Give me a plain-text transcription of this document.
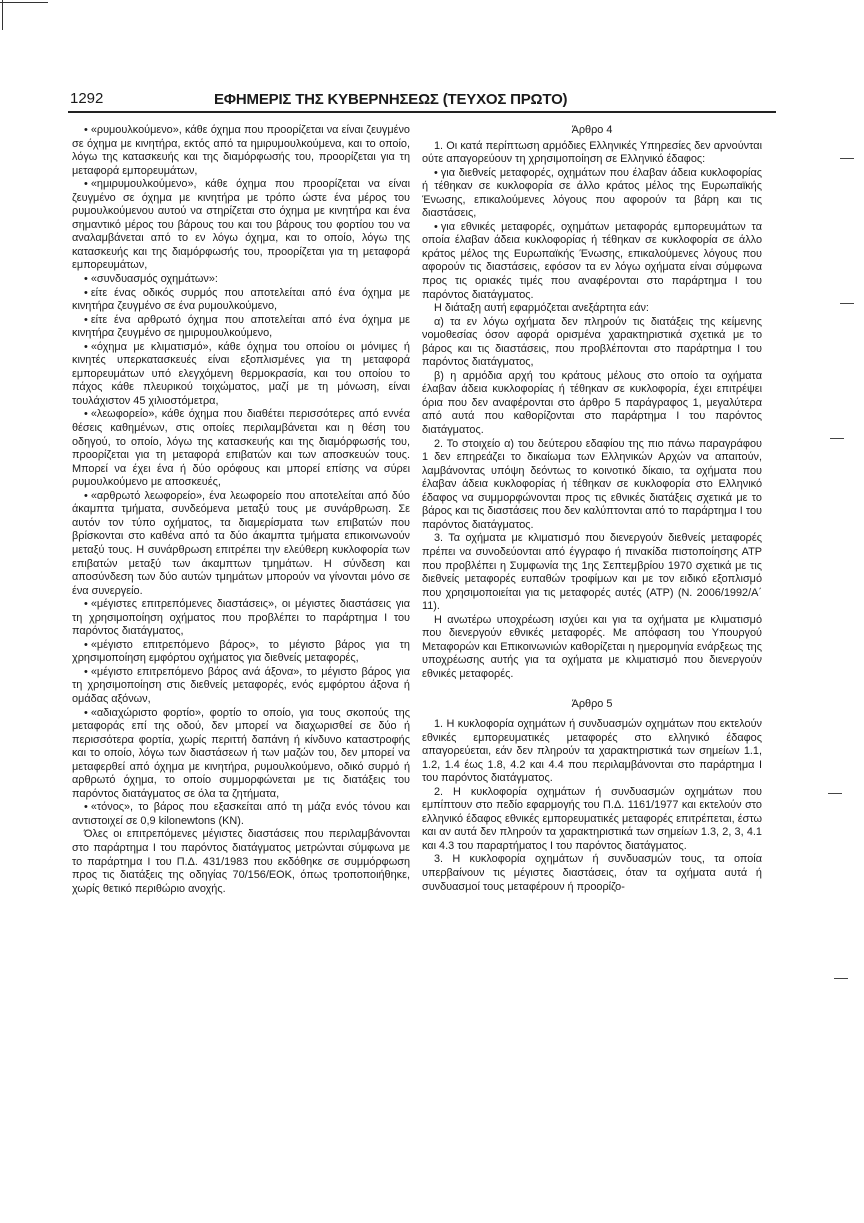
1292	ΕΦΗΜΕΡΙΣ ΤΗΣ ΚΥΒΕΡΝΗΣΕΩΣ (ΤΕΥΧΟΣ ΠΡΩΤΟ)

• «ρυμουλκούμενο», κάθε όχημα που προορίζεται να είναι ζευγμένο σε όχημα με κινητήρα, εκτός από τα ημιρυμουλκούμενα, και το οποίο, λόγω της κατασκευής και της διαμόρφωσής του, προορίζεται για τη μεταφορά εμπορευμάτων,

• «ημιρυμουλκούμενο», κάθε όχημα που προορίζεται να είναι ζευγμένο σε όχημα με κινητήρα με τρόπο ώστε ένα μέρος του ρυμουλκούμενου αυτού να στηρίζεται στο όχημα με κινητήρα και ένα σημαντικό μέρος του βάρους του και του βάρους του φορτίου του να αναλαμβάνεται από το εν λόγω όχημα, και το οποίο, λόγω της κατασκευής και της διαμόρφωσής του, προορίζεται για τη μεταφορά εμπορευμάτων,

• «συνδυασμός οχημάτων»:

• είτε ένας οδικός συρμός που αποτελείται από ένα όχημα με κινητήρα ζευγμένο σε ένα ρυμουλκούμενο,

• είτε ένα αρθρωτό όχημα που αποτελείται από ένα όχημα με κινητήρα ζευγμένο σε ημιρυμουλκούμενο,

• «όχημα με κλιματισμό», κάθε όχημα του οποίου οι μόνιμες ή κινητές υπερκατασκευές είναι εξοπλισμένες για τη μεταφορά εμπορευμάτων υπό ελεγχόμενη θερμοκρασία, και του οποίου το πάχος κάθε πλευρικού τοιχώματος, μαζί με τη μόνωση, είναι τουλάχιστον 45 χιλιοστόμετρα,

• «λεωφορείο», κάθε όχημα που διαθέτει περισσότερες από εννέα θέσεις καθημένων, στις οποίες περιλαμβάνεται και η θέση του οδηγού, το οποίο, λόγω της κατασκευής και της διαμόρφωσής του, προορίζεται για τη μεταφορά επιβατών και των αποσκευών τους. Μπορεί να έχει ένα ή δύο ορόφους και μπορεί επίσης να σύρει ρυμουλκούμενο με αποσκευές,

• «αρθρωτό λεωφορείο», ένα λεωφορείο που αποτελείται από δύο άκαμπτα τμήματα, συνδεόμενα μεταξύ τους με συνάρθρωση. Σε αυτόν τον τύπο οχήματος, τα διαμερίσματα των επιβατών που βρίσκονται στο καθένα από τα δύο άκαμπτα τμήματα επικοινωνούν μεταξύ τους. Η συνάρθρωση επιτρέπει την ελεύθερη κυκλοφορία των επιβατών μεταξύ των άκαμπτων τμημάτων. Η σύνδεση και αποσύνδεση των δύο αυτών τμημάτων μπορούν να γίνονται μόνο σε ένα συνεργείο.

• «μέγιστες επιτρεπόμενες διαστάσεις», οι μέγιστες διαστάσεις για τη χρησιμοποίηση οχήματος που προβλέπει το παράρτημα Ι του παρόντος διατάγματος,

• «μέγιστο επιτρεπόμενο βάρος», το μέγιστο βάρος για τη χρησιμοποίηση εμφόρτου οχήματος για διεθνείς μεταφορές,

• «μέγιστο επιτρεπόμενο βάρος ανά άξονα», το μέγιστο βάρος για τη χρησιμοποίηση στις διεθνείς μεταφορές, ενός εμφόρτου άξονα ή ομάδας αξόνων,

• «αδιαχώριστο φορτίο», φορτίο το οποίο, για τους σκοπούς της μεταφοράς επί της οδού, δεν μπορεί να διαχωρισθεί σε δύο ή περισσότερα φορτία, χωρίς περιττή δαπάνη ή κίνδυνο καταστροφής και το οποίο, λόγω των διαστάσεων ή των μαζών του, δεν μπορεί να μεταφερθεί από όχημα με κινητήρα, ρυμουλκούμενο, οδικό συρμό ή αρθρωτό όχημα, το οποίο συμμορφώνεται με τις διατάξεις του παρόντος διατάγματος σε όλα τα ζητήματα,

• «τόνος», το βάρος που εξασκείται από τη μάζα ενός τόνου και αντιστοιχεί σε 0,9 kilonewtons (KN).

Όλες οι επιτρεπόμενες μέγιστες διαστάσεις που περιλαμβάνονται στο παράρτημα Ι του παρόντος διατάγματος μετρώνται σύμφωνα με το παράρτημα Ι του Π.Δ. 431/1983 που εκδόθηκε σε συμμόρφωση προς τις διατάξεις της οδηγίας 70/156/ΕΟΚ, όπως τροποποιήθηκε, χωρίς θετικό περιθώριο ανοχής.

Άρθρο 4

1. Οι κατά περίπτωση αρμόδιες Ελληνικές Υπηρεσίες δεν αρνούνται ούτε απαγορεύουν τη χρησιμοποίηση σε Ελληνικό έδαφος:

• για διεθνείς μεταφορές, οχημάτων που έλαβαν άδεια κυκλοφορίας ή τέθηκαν σε κυκλοφορία σε άλλο κράτος μέλος της Ευρωπαϊκής Ένωσης, επικαλούμενες λόγους που αφορούν τα βάρη και τις διαστάσεις,

• για εθνικές μεταφορές, οχημάτων μεταφοράς εμπορευμάτων τα οποία έλαβαν άδεια κυκλοφορίας ή τέθηκαν σε κυκλοφορία σε άλλο κράτος μέλος της Ευρωπαϊκής Ένωσης, επικαλούμενες λόγους που αφορούν τις διαστάσεις, εφόσον τα εν λόγω οχήματα είναι σύμφωνα προς τις οριακές τιμές που αναφέρονται στο παράρτημα Ι του παρόντος διατάγματος.

Η διάταξη αυτή εφαρμόζεται ανεξάρτητα εάν:

α) τα εν λόγω οχήματα δεν πληρούν τις διατάξεις της κείμενης νομοθεσίας όσον αφορά ορισμένα χαρακτηριστικά σχετικά με το βάρος και τις διαστάσεις, που προβλέπονται στο παράρτημα Ι του παρόντος διατάγματος,

β) η αρμόδια αρχή του κράτους μέλους στο οποίο τα οχήματα έλαβαν άδεια κυκλοφορίας ή τέθηκαν σε κυκλοφορία, έχει επιτρέψει όρια που δεν αναφέρονται στο άρθρο 5 παράγραφος 1, μεγαλύτερα από αυτά που καθορίζονται στο παράρτημα Ι του παρόντος διατάγματος.

2. Το στοιχείο α) του δεύτερου εδαφίου της πιο πάνω παραγράφου 1 δεν επηρεάζει το δικαίωμα των Ελληνικών Αρχών να απαιτούν, λαμβάνοντας υπόψη δεόντως το κοινοτικό δίκαιο, τα οχήματα που έλαβαν άδεια κυκλοφορίας ή τέθηκαν σε κυκλοφορία στο Ελληνικό έδαφος να συμμορφώνονται προς τις εθνικές διατάξεις σχετικά με το βάρος και τις διαστάσεις που δεν καλύπτονται από το παράρτημα Ι του παρόντος διατάγματος.

3. Τα οχήματα με κλιματισμό που διενεργούν διεθνείς μεταφορές πρέπει να συνοδεύονται από έγγραφο ή πινακίδα πιστοποίησης ΑΤΡ που προβλέπει η Συμφωνία της 1ης Σεπτεμβρίου 1970 σχετικά με τις διεθνείς μεταφορές ευπαθών τροφίμων και με τον ειδικό εξοπλισμό που χρησιμοποιείται για τις μεταφορές αυτές (ΑΤΡ) (Ν. 2006/1992/Α΄ 11).

Η ανωτέρω υποχρέωση ισχύει και για τα οχήματα με κλιματισμό που διενεργούν εθνικές μεταφορές. Με απόφαση του Υπουργού Μεταφορών και Επικοινωνιών καθορίζεται η ημερομηνία ενάρξεως της υποχρέωσης αυτής για τα οχήματα με κλιματισμό που διενεργούν εθνικές μεταφορές.

Άρθρο 5

1. Η κυκλοφορία οχημάτων ή συνδυασμών οχημάτων που εκτελούν εθνικές εμπορευματικές μεταφορές στο ελληνικό έδαφος απαγορεύεται, εάν δεν πληρούν τα χαρακτηριστικά των σημείων 1.1, 1.2, 1.4 έως 1.8, 4.2 και 4.4 που περιλαμβάνονται στο παράρτημα Ι του παρόντος διατάγματος.

2. Η κυκλοφορία οχημάτων ή συνδυασμών οχημάτων που εμπίπτουν στο πεδίο εφαρμογής του Π.Δ. 1161/1977 και εκτελούν στο ελληνικό έδαφος εθνικές εμπορευματικές μεταφορές επιτρέπεται, έστω και αν αυτά δεν πληρούν τα χαρακτηριστικά των σημείων 1.3, 2, 3, 4.1 και 4.3 του παραρτήματος Ι του παρόντος διατάγματος.

3. Η κυκλοφορία οχημάτων ή συνδυασμών τους, τα οποία υπερβαίνουν τις μέγιστες διαστάσεις, όταν τα οχήματα αυτά ή συνδυασμοί τους μεταφέρουν ή προορίζο-
